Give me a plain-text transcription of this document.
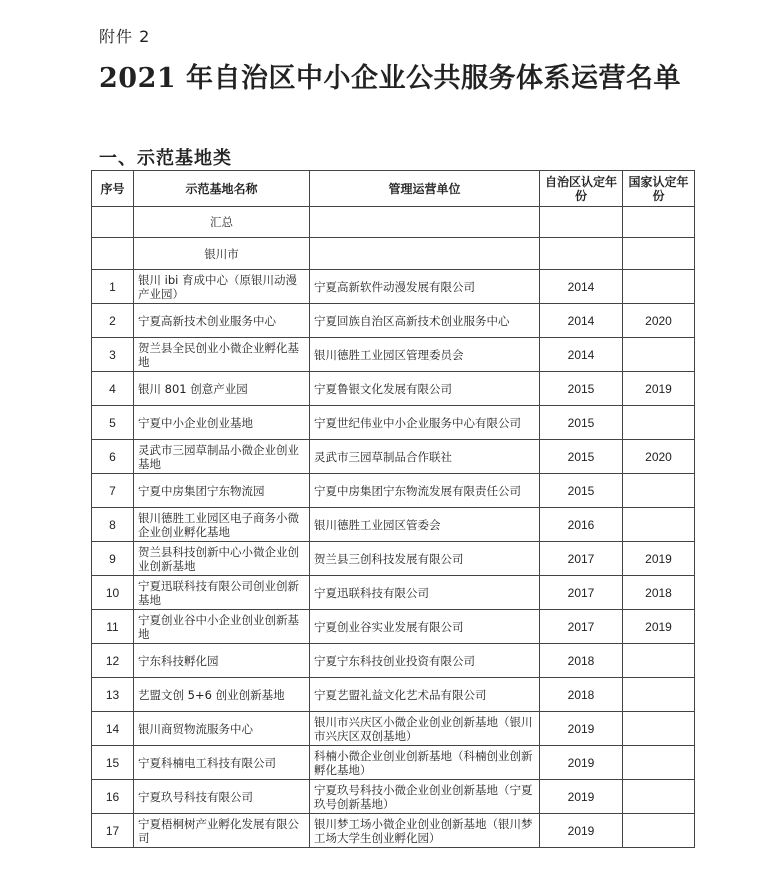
附件 2
2021 年自治区中小企业公共服务体系运营名单
一、示范基地类
序号	示范基地名称	管理运营单位	自治区认定年份	国家认定年份
	汇总			
	银川市			
1	银川 ibi 育成中心（原银川动漫产业园）	宁夏高新软件动漫发展有限公司	2014	
2	宁夏高新技术创业服务中心	宁夏回族自治区高新技术创业服务中心	2014	2020
3	贺兰县全民创业小微企业孵化基地	银川德胜工业园区管理委员会	2014	
4	银川 801 创意产业园	宁夏鲁银文化发展有限公司	2015	2019
5	宁夏中小企业创业基地	宁夏世纪伟业中小企业服务中心有限公司	2015	
6	灵武市三园草制品小微企业创业基地	灵武市三园草制品合作联社	2015	2020
7	宁夏中房集团宁东物流园	宁夏中房集团宁东物流发展有限责任公司	2015	
8	银川德胜工业园区电子商务小微企业创业孵化基地	银川德胜工业园区管委会	2016	
9	贺兰县科技创新中心小微企业创业创新基地	贺兰县三创科技发展有限公司	2017	2019
10	宁夏迅联科技有限公司创业创新基地	宁夏迅联科技有限公司	2017	2018
11	宁夏创业谷中小企业创业创新基地	宁夏创业谷实业发展有限公司	2017	2019
12	宁东科技孵化园	宁夏宁东科技创业投资有限公司	2018	
13	艺盟文创 5+6 创业创新基地	宁夏艺盟礼益文化艺术品有限公司	2018	
14	银川商贸物流服务中心	银川市兴庆区小微企业创业创新基地（银川市兴庆区双创基地）	2019	
15	宁夏科楠电工科技有限公司	科楠小微企业创业创新基地（科楠创业创新孵化基地）	2019	
16	宁夏玖号科技有限公司	宁夏玖号科技小微企业创业创新基地（宁夏玖号创新基地）	2019	
17	宁夏梧桐树产业孵化发展有限公司	银川梦工场小微企业创业创新基地（银川梦工场大学生创业孵化园）	2019	
